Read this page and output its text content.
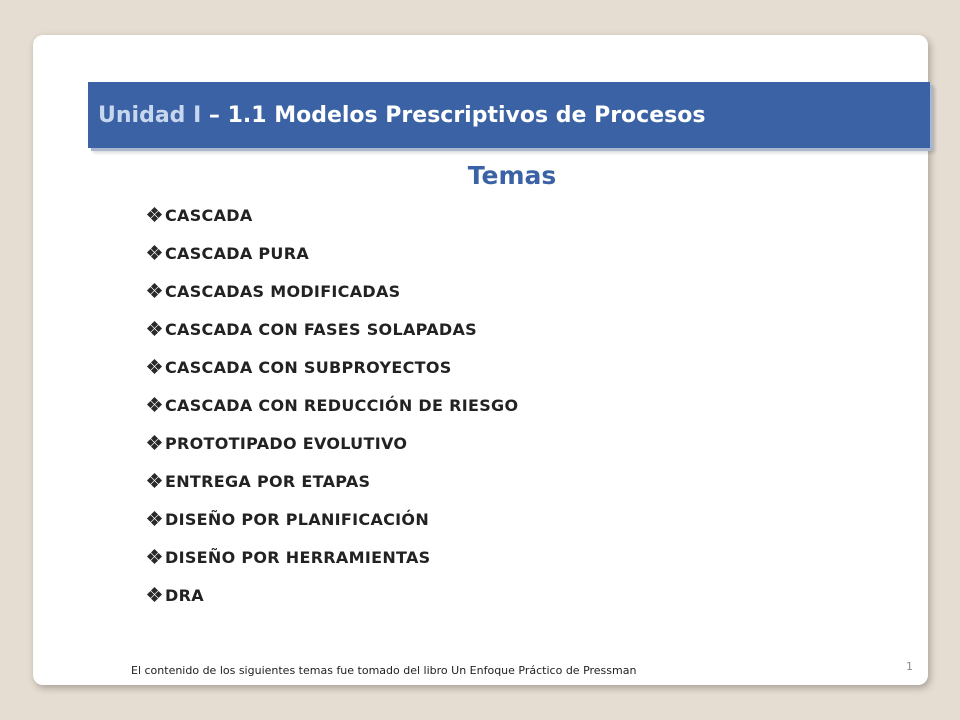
Unidad I – 1.1 Modelos Prescriptivos de Procesos
Temas
CASCADA
CASCADA PURA
CASCADAS MODIFICADAS
CASCADA CON FASES SOLAPADAS
CASCADA CON SUBPROYECTOS
CASCADA CON REDUCCIÓN DE RIESGO
PROTOTIPADO EVOLUTIVO
ENTREGA POR ETAPAS
DISEÑO POR PLANIFICACIÓN
DISEÑO POR HERRAMIENTAS
DRA
El contenido de los siguientes temas fue tomado del libro Un Enfoque Práctico de Pressman	1
